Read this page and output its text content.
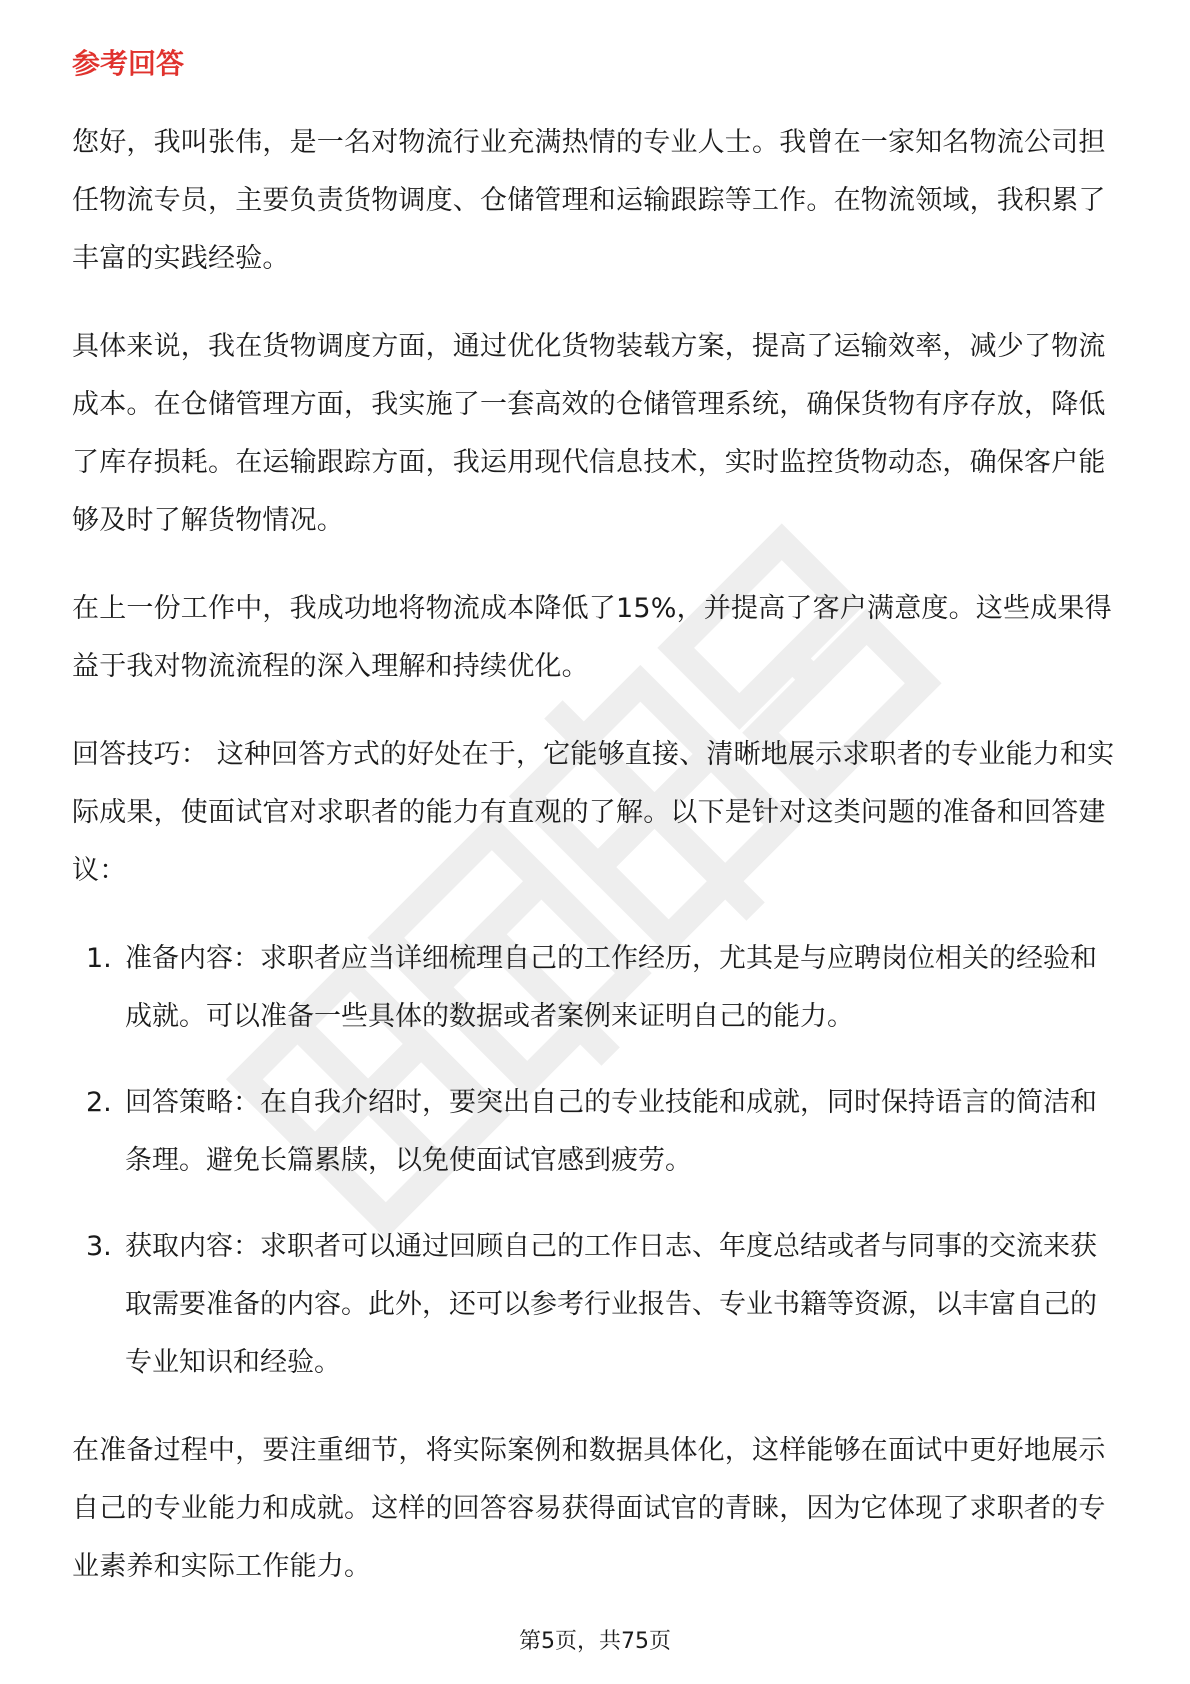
参考回答

您好，我叫张伟，是一名对物流行业充满热情的专业人士。我曾在一家知名物流公司担任物流专员，主要负责货物调度、仓储管理和运输跟踪等工作。在物流领域，我积累了丰富的实践经验。

具体来说，我在货物调度方面，通过优化货物装载方案，提高了运输效率，减少了物流成本。在仓储管理方面，我实施了一套高效的仓储管理系统，确保货物有序存放，降低了库存损耗。在运输跟踪方面，我运用现代信息技术，实时监控货物动态，确保客户能够及时了解货物情况。

在上一份工作中，我成功地将物流成本降低了15%，并提高了客户满意度。这些成果得益于我对物流流程的深入理解和持续优化。

回答技巧： 这种回答方式的好处在于，它能够直接、清晰地展示求职者的专业能力和实际成果，使面试官对求职者的能力有直观的了解。以下是针对这类问题的准备和回答建议：

1. 准备内容：求职者应当详细梳理自己的工作经历，尤其是与应聘岗位相关的经验和成就。可以准备一些具体的数据或者案例来证明自己的能力。
2. 回答策略：在自我介绍时，要突出自己的专业技能和成就，同时保持语言的简洁和条理。避免长篇累牍，以免使面试官感到疲劳。
3. 获取内容：求职者可以通过回顾自己的工作日志、年度总结或者与同事的交流来获取需要准备的内容。此外，还可以参考行业报告、专业书籍等资源，以丰富自己的专业知识和经验。

在准备过程中，要注重细节，将实际案例和数据具体化，这样能够在面试中更好地展示自己的专业能力和成就。这样的回答容易获得面试官的青睐，因为它体现了求职者的专业素养和实际工作能力。

第5页，共75页
